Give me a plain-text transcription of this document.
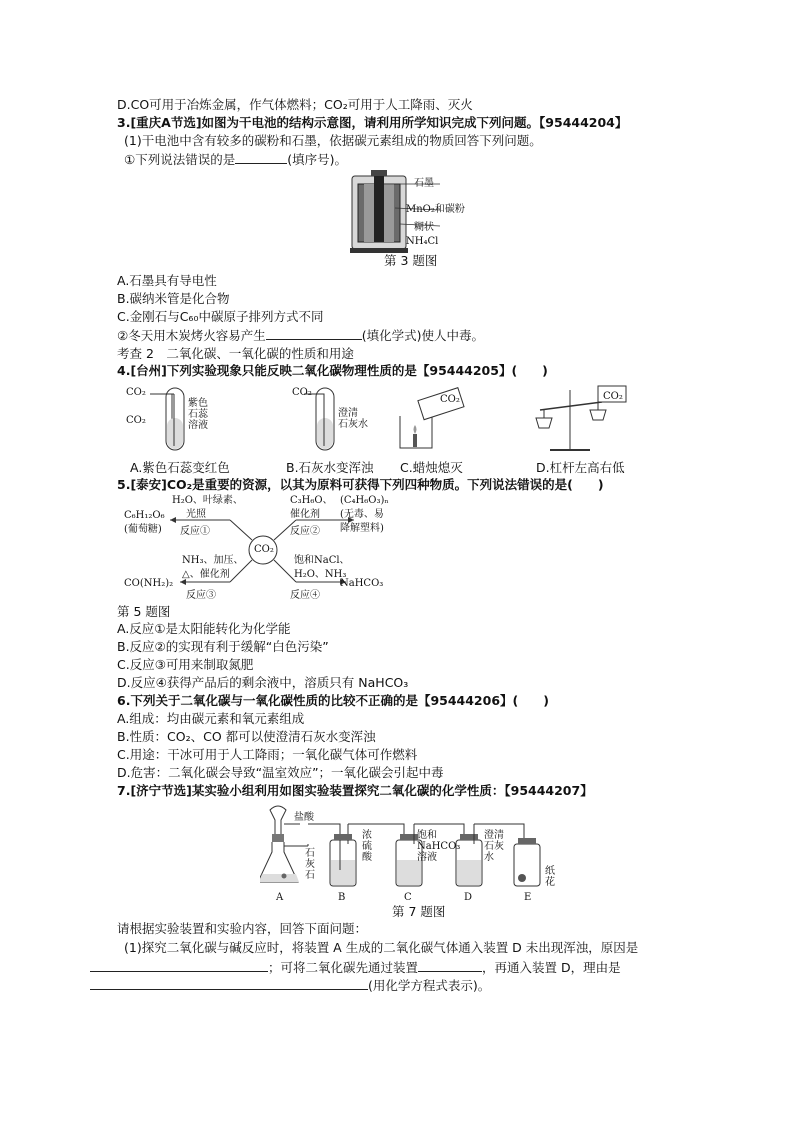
D.CO可用于冶炼金属，作气体燃料；CO₂可用于人工降雨、灭火
3.[重庆A节选]如图为干电池的结构示意图，请利用所学知识完成下列问题。【95444204】
(1)干电池中含有较多的碳粉和石墨，依据碳元素组成的物质回答下列问题。
①下列说法错误的是	(填序号)。
石墨
MnO₂和碳粉
糊状
NH₄Cl
第 3 题图
A.石墨具有导电性
B.碳纳米管是化合物
C.金刚石与C₆₀中碳原子排列方式不同
②冬天用木炭烤火容易产生	(填化学式)使人中毒。
考查 2　二氧化碳、一氧化碳的性质和用途
4.[台州]下列实验现象只能反映二氧化碳物理性质的是【95444205】(　　)
CO₂
CO₂
紫色
石蕊
溶液
CO₂
澄清
石灰水
CO₂	CO₂
A.紫色石蕊变红色	B.石灰水变浑浊 C.蜡烛熄灭	D.杠杆左高右低
5.[泰安]CO₂是重要的资源，以其为原料可获得下列四种物质。下列说法错误的是(　　)
CO₂
H₂O、叶绿素、
光照
反应①
C₆H₁₂O₆
(葡萄糖)
C₃H₆O、
催化剂
反应②
(C₄H₆O₃)ₙ
(无毒、易
降解塑料)
NH₃、加压、
△、催化剂
反应③
CO(NH₂)₂
饱和NaCl、
H₂O、NH₃
反应④
NaHCO₃
第 5 题图
A.反应①是太阳能转化为化学能
B.反应②的实现有利于缓解“白色污染”
C.反应③可用来制取氮肥
D.反应④获得产品后的剩余液中，溶质只有 NaHCO₃
6.下列关于二氧化碳与一氧化碳性质的比较不正确的是【95444206】(　　)
A.组成：均由碳元素和氧元素组成
B.性质：CO₂、CO 都可以使澄清石灰水变浑浊
C.用途：干冰可用于人工降雨；一氧化碳气体可作燃料
D.危害：二氧化碳会导致“温室效应”；一氧化碳会引起中毒
7.[济宁节选]某实验小组利用如图实验装置探究二氧化碳的化学性质：【95444207】
盐酸
石
灰
石
浓
硫
酸
饱和
NaHCO₃
溶液
澄清
石灰
水
纸
花
A	B	C	D	E
第 7 题图
请根据实验装置和实验内容，回答下面问题：
(1)探究二氧化碳与碱反应时，将装置 A 生成的二氧化碳气体通入装置 D 未出现浑浊，原因是
；可将二氧化碳先通过装置	，再通入装置 D，理由是
(用化学方程式表示)。
